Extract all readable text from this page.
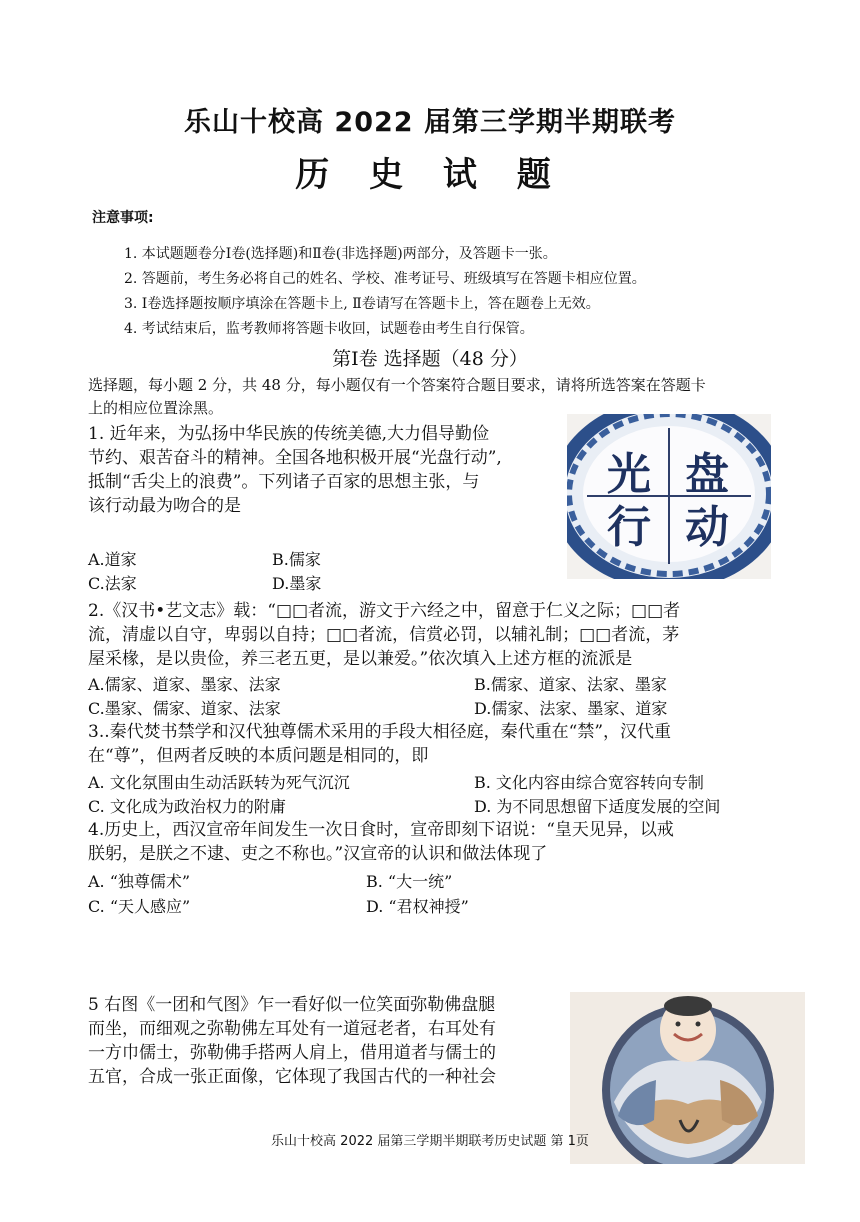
乐山十校高 2022 届第三学期半期联考
历 史 试 题
注意事项:
1. 本试题题卷分Ⅰ卷(选择题)和Ⅱ卷(非选择题)两部分，及答题卡一张。
2. 答题前，考生务必将自己的姓名、学校、准考证号、班级填写在答题卡相应位置。
3. Ⅰ卷选择题按顺序填涂在答题卡上, Ⅱ卷请写在答题卡上，答在题卷上无效。
4. 考试结束后，监考教师将答题卡收回，试题卷由考生自行保管。
第Ⅰ卷 选择题（48 分）
选择题，每小题 2 分，共 48 分，每小题仅有一个答案符合题目要求，请将所选答案在答题卡
上的相应位置涂黑。
1. 近年来，为弘扬中华民族的传统美德,大力倡导勤俭
节约、艰苦奋斗的精神。全国各地积极开展“光盘行动”,
抵制“舌尖上的浪费”。下列诸子百家的思想主张，与
该行动最为吻合的是
A.道家	B.儒家
C.法家	D.墨家
光 盘
行 动
2.《汉书•艺文志》载：“□□者流，游文于六经之中，留意于仁义之际；□□者
流，清虚以自守，卑弱以自持；□□者流，信赏必罚，以辅礼制；□□者流，茅
屋采椽，是以贵俭，养三老五更，是以兼爱。”依次填入上述方框的流派是
A.儒家、道家、墨家、法家	B.儒家、道家、法家、墨家
C.墨家、儒家、道家、法家	D.儒家、法家、墨家、道家
3..秦代焚书禁学和汉代独尊儒术采用的手段大相径庭，秦代重在“禁”，汉代重
在“尊”，但两者反映的本质问题是相同的，即
A. 文化氛围由生动活跃转为死气沉沉	B. 文化内容由综合宽容转向专制
C. 文化成为政治权力的附庸	D. 为不同思想留下适度发展的空间
4.历史上，西汉宣帝年间发生一次日食时，宣帝即刻下诏说：“皇天见异，以戒
朕躬，是朕之不逮、吏之不称也。”汉宣帝的认识和做法体现了
A. “独尊儒术”	B. “大一统”
C. “天人感应”	D. “君权神授”
5 右图《一团和气图》乍一看好似一位笑面弥勒佛盘腿
而坐，而细观之弥勒佛左耳处有一道冠老者，右耳处有
一方巾儒士，弥勒佛手搭两人肩上，借用道者与儒士的
五官，合成一张正面像，它体现了我国古代的一种社会
乐山十校高 2022 届第三学期半期联考历史试题 第 1页
